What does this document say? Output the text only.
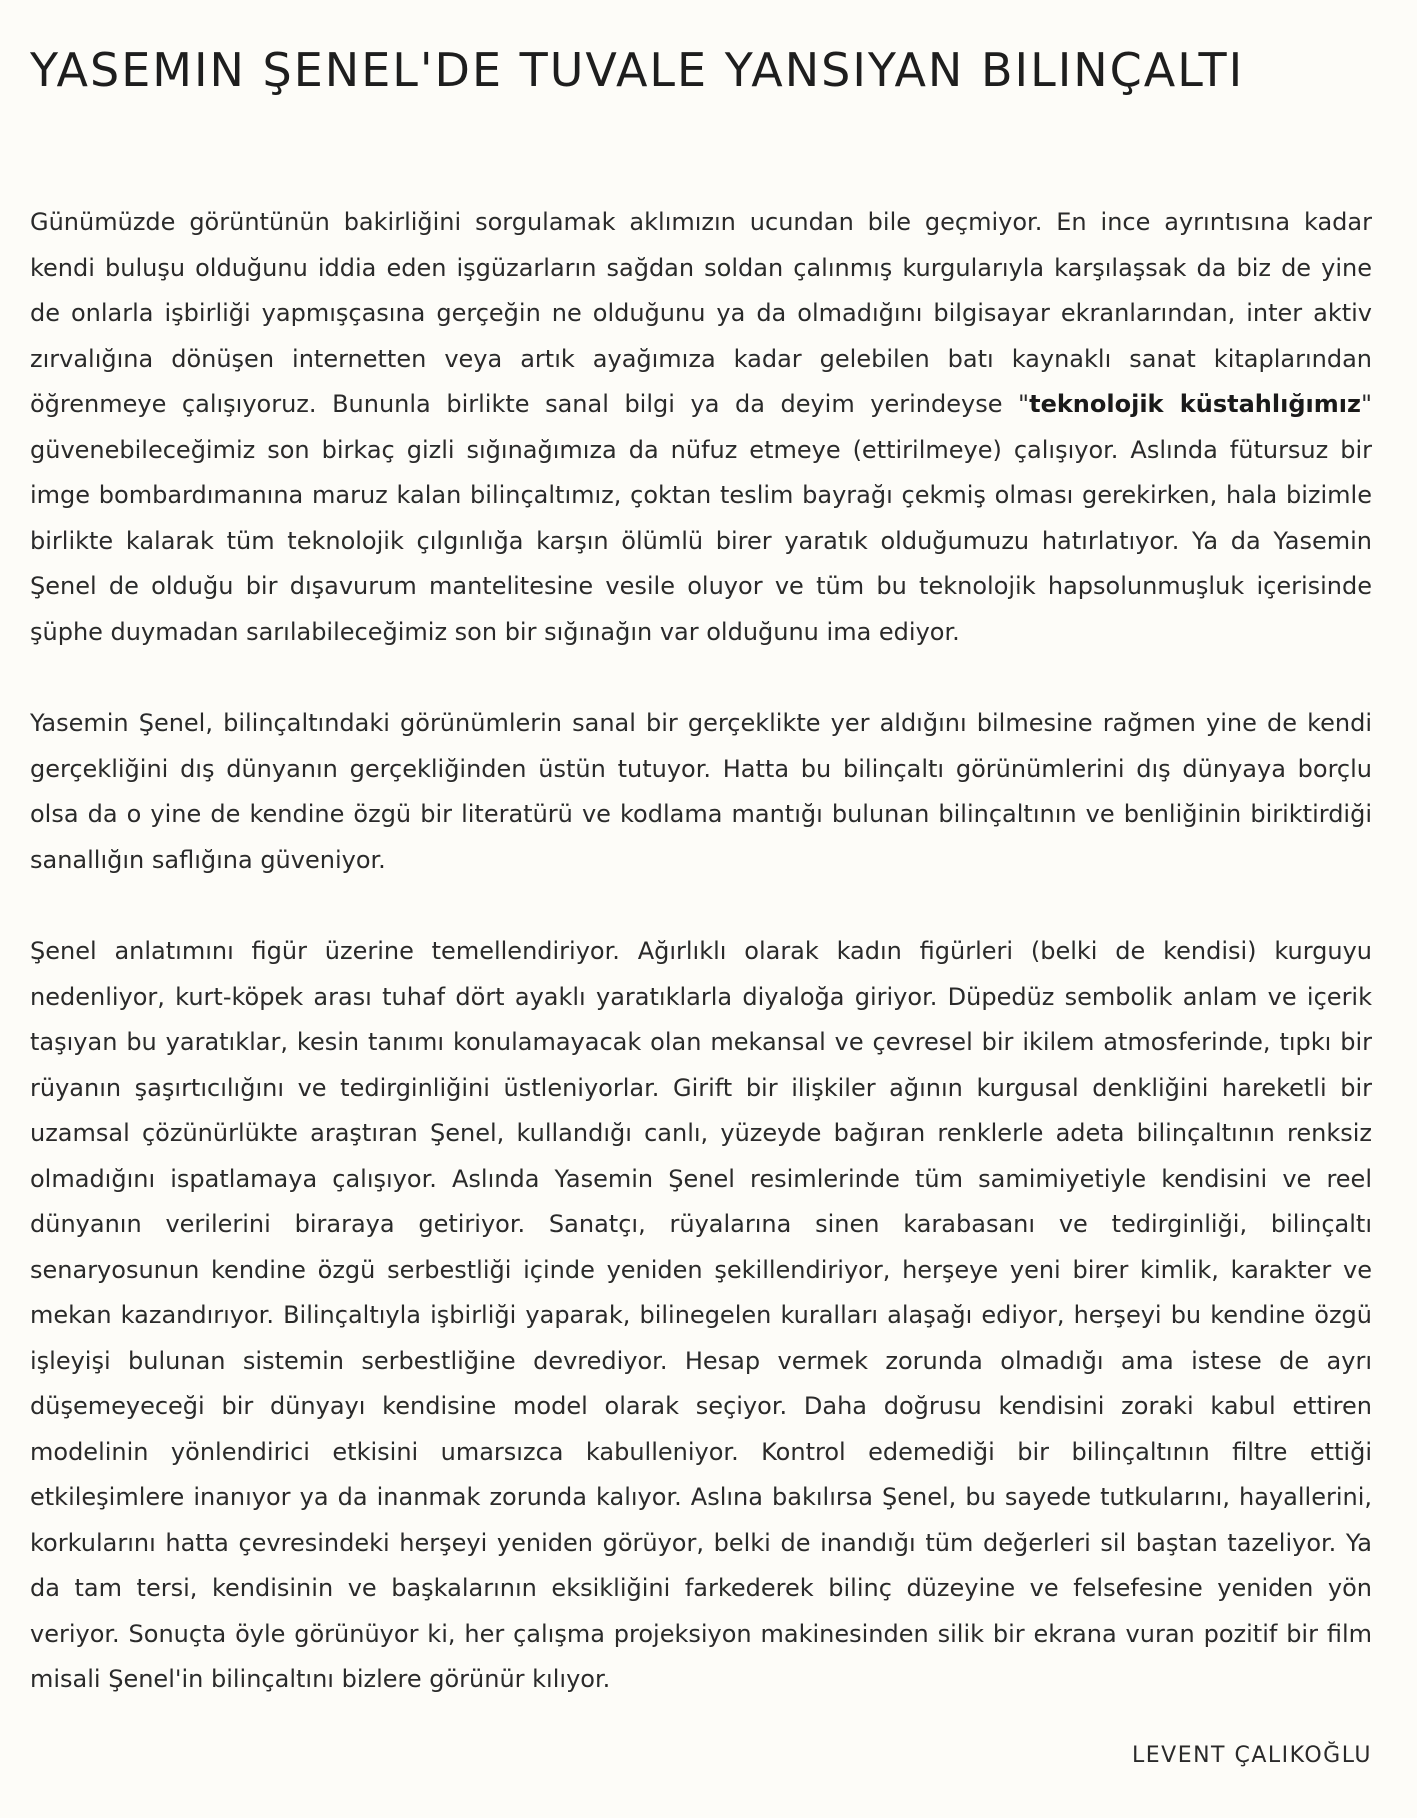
YASEMIN ŞENEL'DE TUVALE YANSIYAN BILINÇALTI

Günümüzde görüntünün bakirliğini sorgulamak aklımızın ucundan bile geçmiyor. En ince ayrıntısına kadar kendi buluşu olduğunu iddia eden işgüzarların sağdan soldan çalınmış kurgularıyla karşılaşsak da biz de yine de onlarla işbirliği yapmışçasına gerçeğin ne olduğunu ya da olmadığını bilgisayar ekranlarından, inter aktiv zırvalığına dönüşen internetten veya artık ayağımıza kadar gelebilen batı kaynaklı sanat kitaplarından öğrenmeye çalışıyoruz. Bununla birlikte sanal bilgi ya da deyim yerindeyse "teknolojik küstahlığımız" güvenebileceğimiz son birkaç gizli sığınağımıza da nüfuz etmeye (ettirilmeye) çalışıyor. Aslında fütursuz bir imge bombardımanına maruz kalan bilinçaltımız, çoktan teslim bayrağı çekmiş olması gerekirken, hala bizimle birlikte kalarak tüm teknolojik çılgınlığa karşın ölümlü birer yaratık olduğumuzu hatırlatıyor. Ya da Yasemin Şenel de olduğu bir dışavurum mantelitesine vesile oluyor ve tüm bu teknolojik hapsolunmuşluk içerisinde şüphe duymadan sarılabileceğimiz son bir sığınağın var olduğunu ima ediyor.

Yasemin Şenel, bilinçaltındaki görünümlerin sanal bir gerçeklikte yer aldığını bilmesine rağmen yine de kendi gerçekliğini dış dünyanın gerçekliğinden üstün tutuyor. Hatta bu bilinçaltı görünümlerini dış dünyaya borçlu olsa da o yine de kendine özgü bir literatürü ve kodlama mantığı bulunan bilinçaltının ve benliğinin biriktirdiği sanallığın saflığına güveniyor.

Şenel anlatımını figür üzerine temellendiriyor. Ağırlıklı olarak kadın figürleri (belki de kendisi) kurguyu nedenliyor, kurt-köpek arası tuhaf dört ayaklı yaratıklarla diyaloğa giriyor. Düpedüz sembolik anlam ve içerik taşıyan bu yaratıklar, kesin tanımı konulamayacak olan mekansal ve çevresel bir ikilem atmosferinde, tıpkı bir rüyanın şaşırtıcılığını ve tedirginliğini üstleniyorlar. Girift bir ilişkiler ağının kurgusal denkliğini hareketli bir uzamsal çözünürlükte araştıran Şenel, kullandığı canlı, yüzeyde bağıran renklerle adeta bilinçaltının renksiz olmadığını ispatlamaya çalışıyor. Aslında Yasemin Şenel resimlerinde tüm samimiyetiyle kendisini ve reel dünyanın verilerini biraraya getiriyor. Sanatçı, rüyalarına sinen karabasanı ve tedirginliği, bilinçaltı senaryosunun kendine özgü serbestliği içinde yeniden şekillendiriyor, herşeye yeni birer kimlik, karakter ve mekan kazandırıyor. Bilinçaltıyla işbirliği yaparak, bilinegelen kuralları alaşağı ediyor, herşeyi bu kendine özgü işleyişi bulunan sistemin serbestliğine devrediyor. Hesap vermek zorunda olmadığı ama istese de ayrı düşemeyeceği bir dünyayı kendisine model olarak seçiyor. Daha doğrusu kendisini zoraki kabul ettiren modelinin yönlendirici etkisini umarsızca kabulleniyor. Kontrol edemediği bir bilinçaltının filtre ettiği etkileşimlere inanıyor ya da inanmak zorunda kalıyor. Aslına bakılırsa Şenel, bu sayede tutkularını, hayallerini, korkularını hatta çevresindeki herşeyi yeniden görüyor, belki de inandığı tüm değerleri sil baştan tazeliyor. Ya da tam tersi, kendisinin ve başkalarının eksikliğini farkederek bilinç düzeyine ve felsefesine yeniden yön veriyor. Sonuçta öyle görünüyor ki, her çalışma projeksiyon makinesinden silik bir ekrana vuran pozitif bir film misali Şenel'in bilinçaltını bizlere görünür kılıyor.

LEVENT ÇALIKOĞLU
